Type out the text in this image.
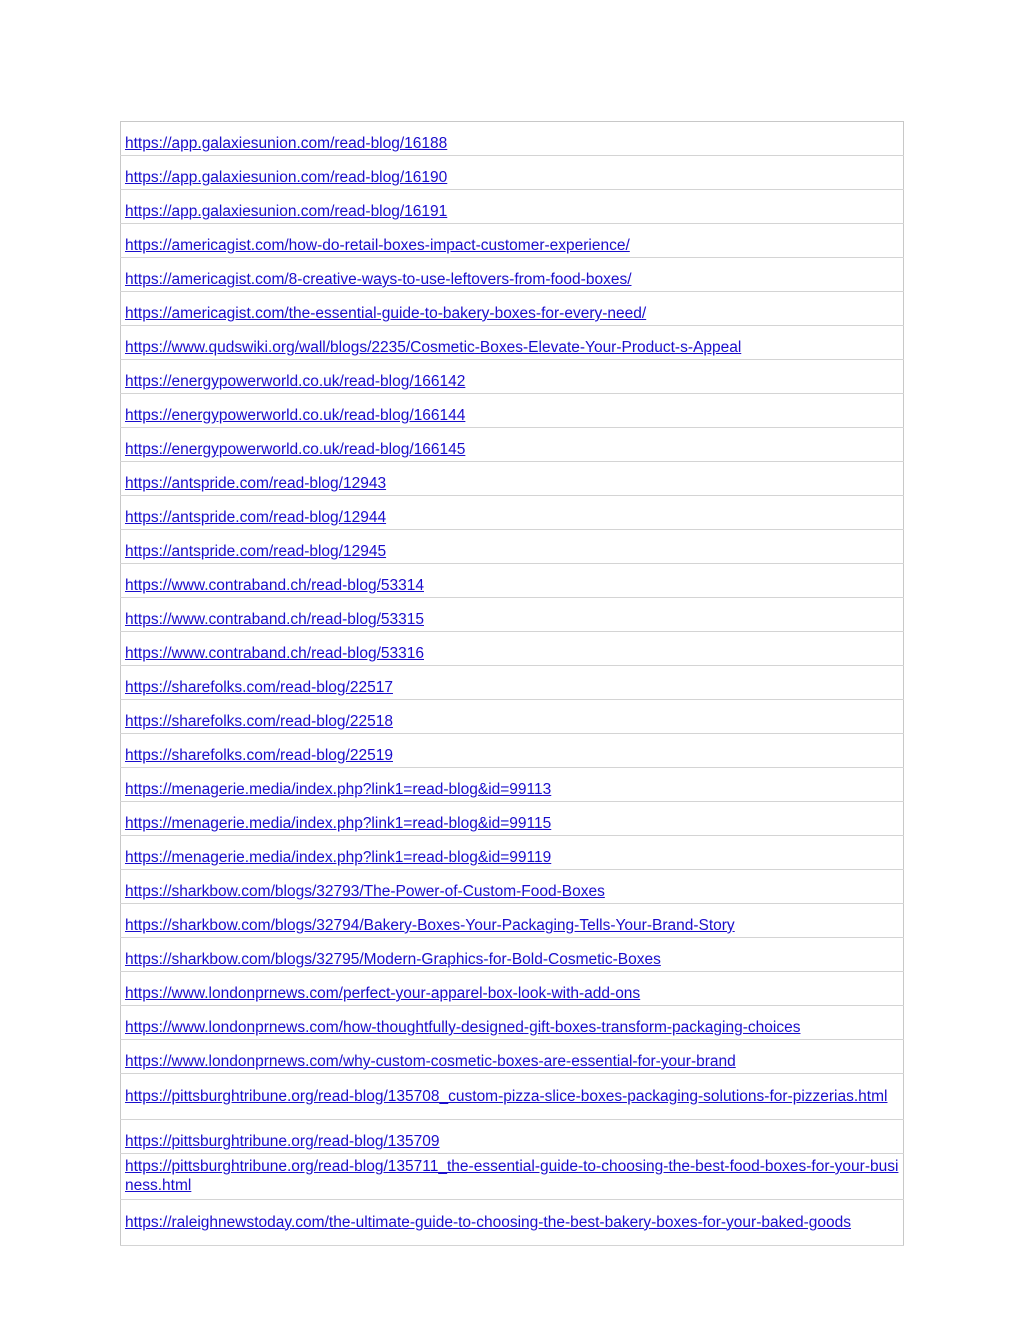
https://app.galaxiesunion.com/read-blog/16188
https://app.galaxiesunion.com/read-blog/16190
https://app.galaxiesunion.com/read-blog/16191
https://americagist.com/how-do-retail-boxes-impact-customer-experience/
https://americagist.com/8-creative-ways-to-use-leftovers-from-food-boxes/
https://americagist.com/the-essential-guide-to-bakery-boxes-for-every-need/
https://www.qudswiki.org/wall/blogs/2235/Cosmetic-Boxes-Elevate-Your-Product-s-Appeal
https://energypowerworld.co.uk/read-blog/166142
https://energypowerworld.co.uk/read-blog/166144
https://energypowerworld.co.uk/read-blog/166145
https://antspride.com/read-blog/12943
https://antspride.com/read-blog/12944
https://antspride.com/read-blog/12945
https://www.contraband.ch/read-blog/53314
https://www.contraband.ch/read-blog/53315
https://www.contraband.ch/read-blog/53316
https://sharefolks.com/read-blog/22517
https://sharefolks.com/read-blog/22518
https://sharefolks.com/read-blog/22519
https://menagerie.media/index.php?link1=read-blog&id=99113
https://menagerie.media/index.php?link1=read-blog&id=99115
https://menagerie.media/index.php?link1=read-blog&id=99119
https://sharkbow.com/blogs/32793/The-Power-of-Custom-Food-Boxes
https://sharkbow.com/blogs/32794/Bakery-Boxes-Your-Packaging-Tells-Your-Brand-Story
https://sharkbow.com/blogs/32795/Modern-Graphics-for-Bold-Cosmetic-Boxes
https://www.londonprnews.com/perfect-your-apparel-box-look-with-add-ons
https://www.londonprnews.com/how-thoughtfully-designed-gift-boxes-transform-packaging-choices
https://www.londonprnews.com/why-custom-cosmetic-boxes-are-essential-for-your-brand
https://pittsburghtribune.org/read-blog/135708_custom-pizza-slice-boxes-packaging-solutions-for-pizzerias.html
https://pittsburghtribune.org/read-blog/135709
https://pittsburghtribune.org/read-blog/135711_the-essential-guide-to-choosing-the-best-food-boxes-for-your-business.html
https://raleighnewstoday.com/the-ultimate-guide-to-choosing-the-best-bakery-boxes-for-your-baked-goods
